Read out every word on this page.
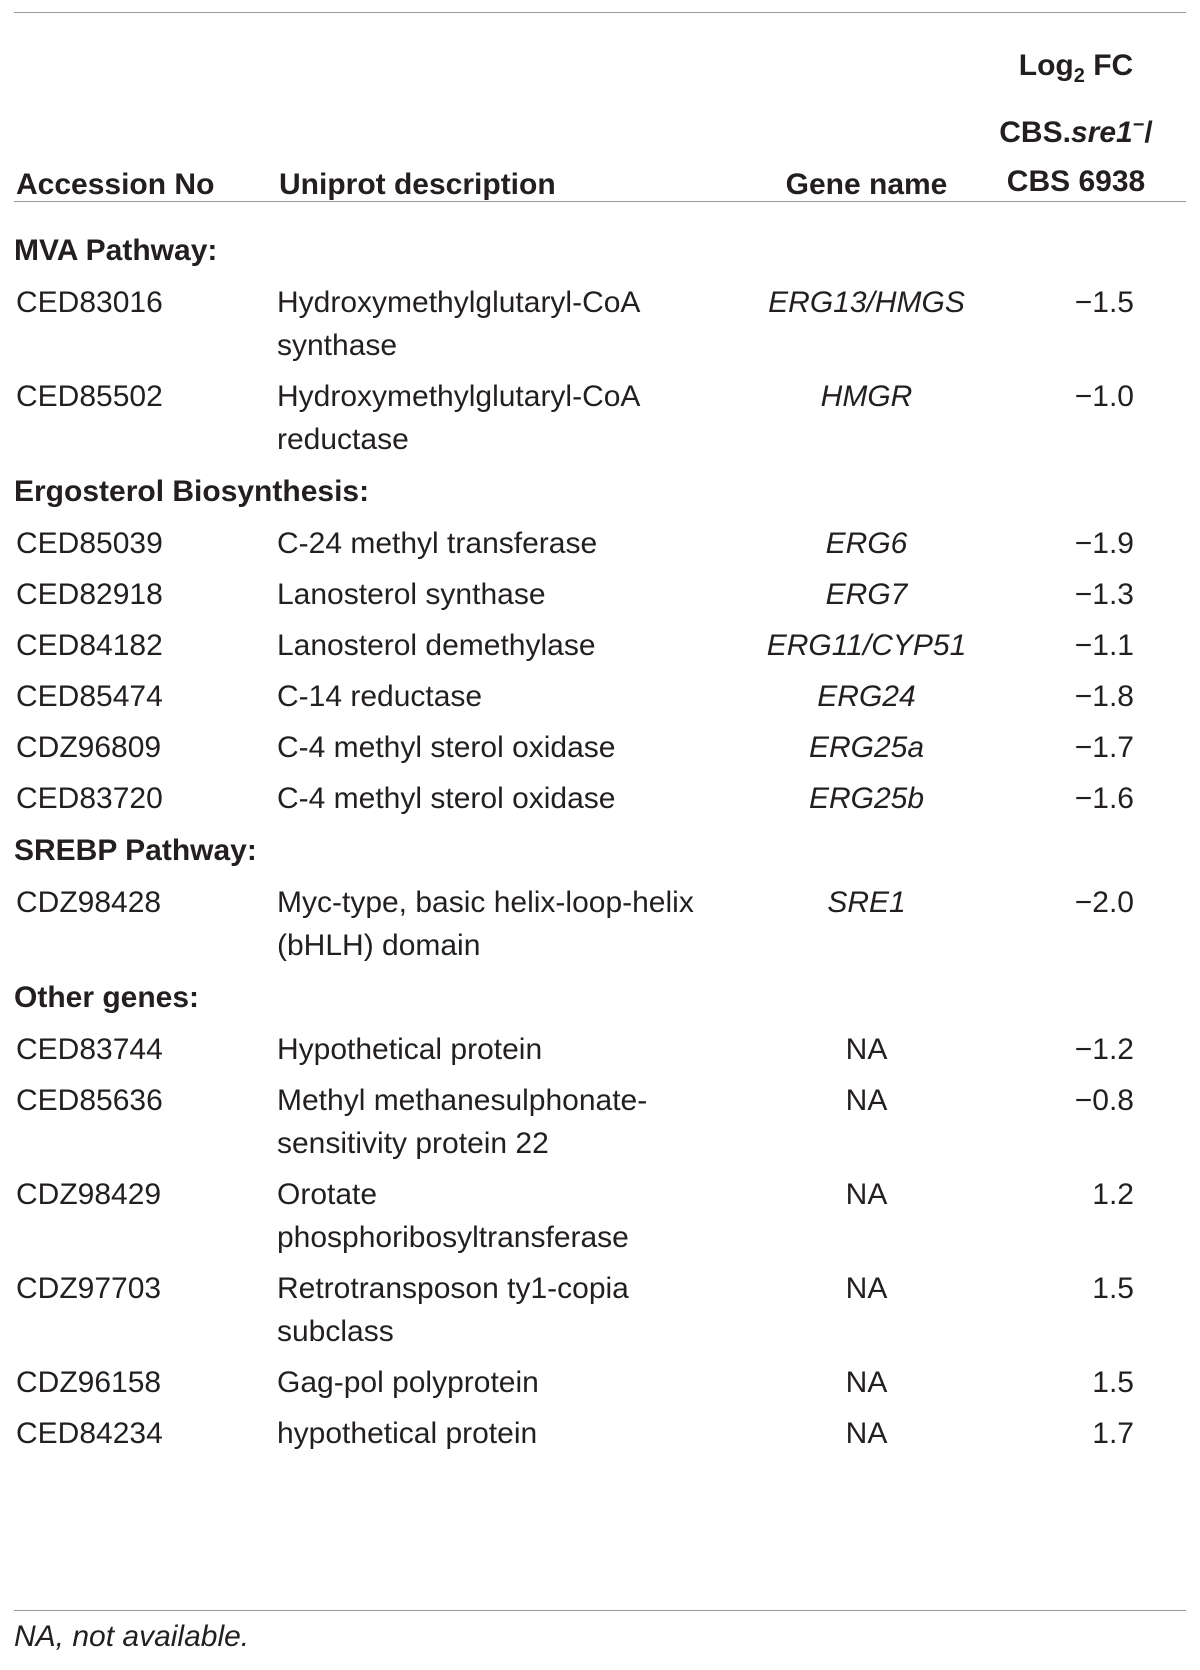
Accession No	Uniprot description	Gene name	Log$_2$ FC
CBS.sre1−/
CBS 6938

MVA Pathway:			
CED83016	Hydroxymethylglutaryl-CoA synthase	ERG13/HMGS	−1.5
CED85502	Hydroxymethylglutaryl-CoA reductase	HMGR	−1.0
Ergosterol Biosynthesis:			
CED85039	C-24 methyl transferase	ERG6	−1.9
CED82918	Lanosterol synthase	ERG7	−1.3
CED84182	Lanosterol demethylase	ERG11/CYP51	−1.1
CED85474	C-14 reductase	ERG24	−1.8
CDZ96809	C-4 methyl sterol oxidase	ERG25a	−1.7
CED83720	C-4 methyl sterol oxidase	ERG25b	−1.6
SREBP Pathway:			
CDZ98428	Myc-type, basic helix-loop-helix (bHLH) domain	SRE1	−2.0
Other genes:			
CED83744	Hypothetical protein	NA	−1.2
CED85636	Methyl methanesulphonate-sensitivity protein 22	NA	−0.8
CDZ98429	Orotate phosphoribosyltransferase	NA	1.2
CDZ97703	Retrotransposon ty1-copia subclass	NA	1.5
CDZ96158	Gag-pol polyprotein	NA	1.5
CED84234	hypothetical protein	NA	1.7
NA, not available.
